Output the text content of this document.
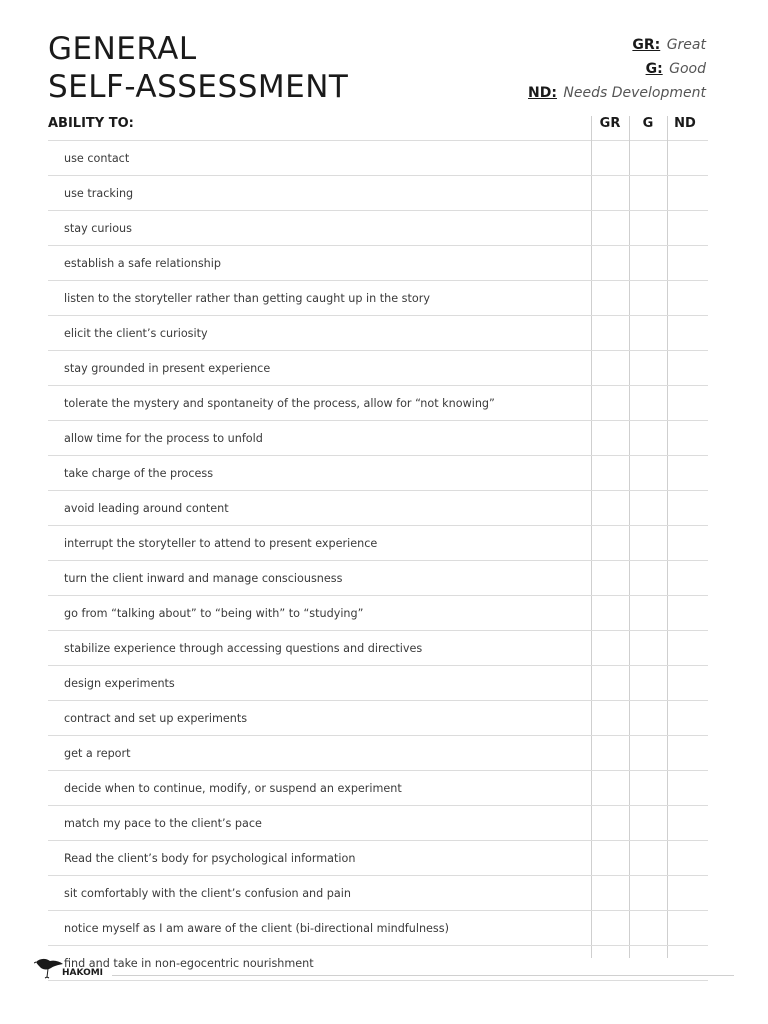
GENERAL
SELF-ASSESSMENT
GR: Great
G: Good
ND: Needs Development
ABILITY TO:	GR	G	ND
use contact
use tracking
stay curious
establish a safe relationship
listen to the storyteller rather than getting caught up in the story
elicit the client’s curiosity
stay grounded in present experience
tolerate the mystery and spontaneity of the process, allow for “not knowing”
allow time for the process to unfold
take charge of the process
avoid leading around content
interrupt the storyteller to attend to present experience
turn the client inward and manage consciousness
go from “talking about” to “being with” to “studying”
stabilize experience through accessing questions and directives
design experiments
contract and set up experiments
get a report
decide when to continue, modify, or suspend an experiment
match my pace to the client’s pace
Read the client’s body for psychological information
sit comfortably with the client’s confusion and pain
notice myself as I am aware of the client (bi-directional mindfulness)
find and take in non-egocentric nourishment
HAKOMI
